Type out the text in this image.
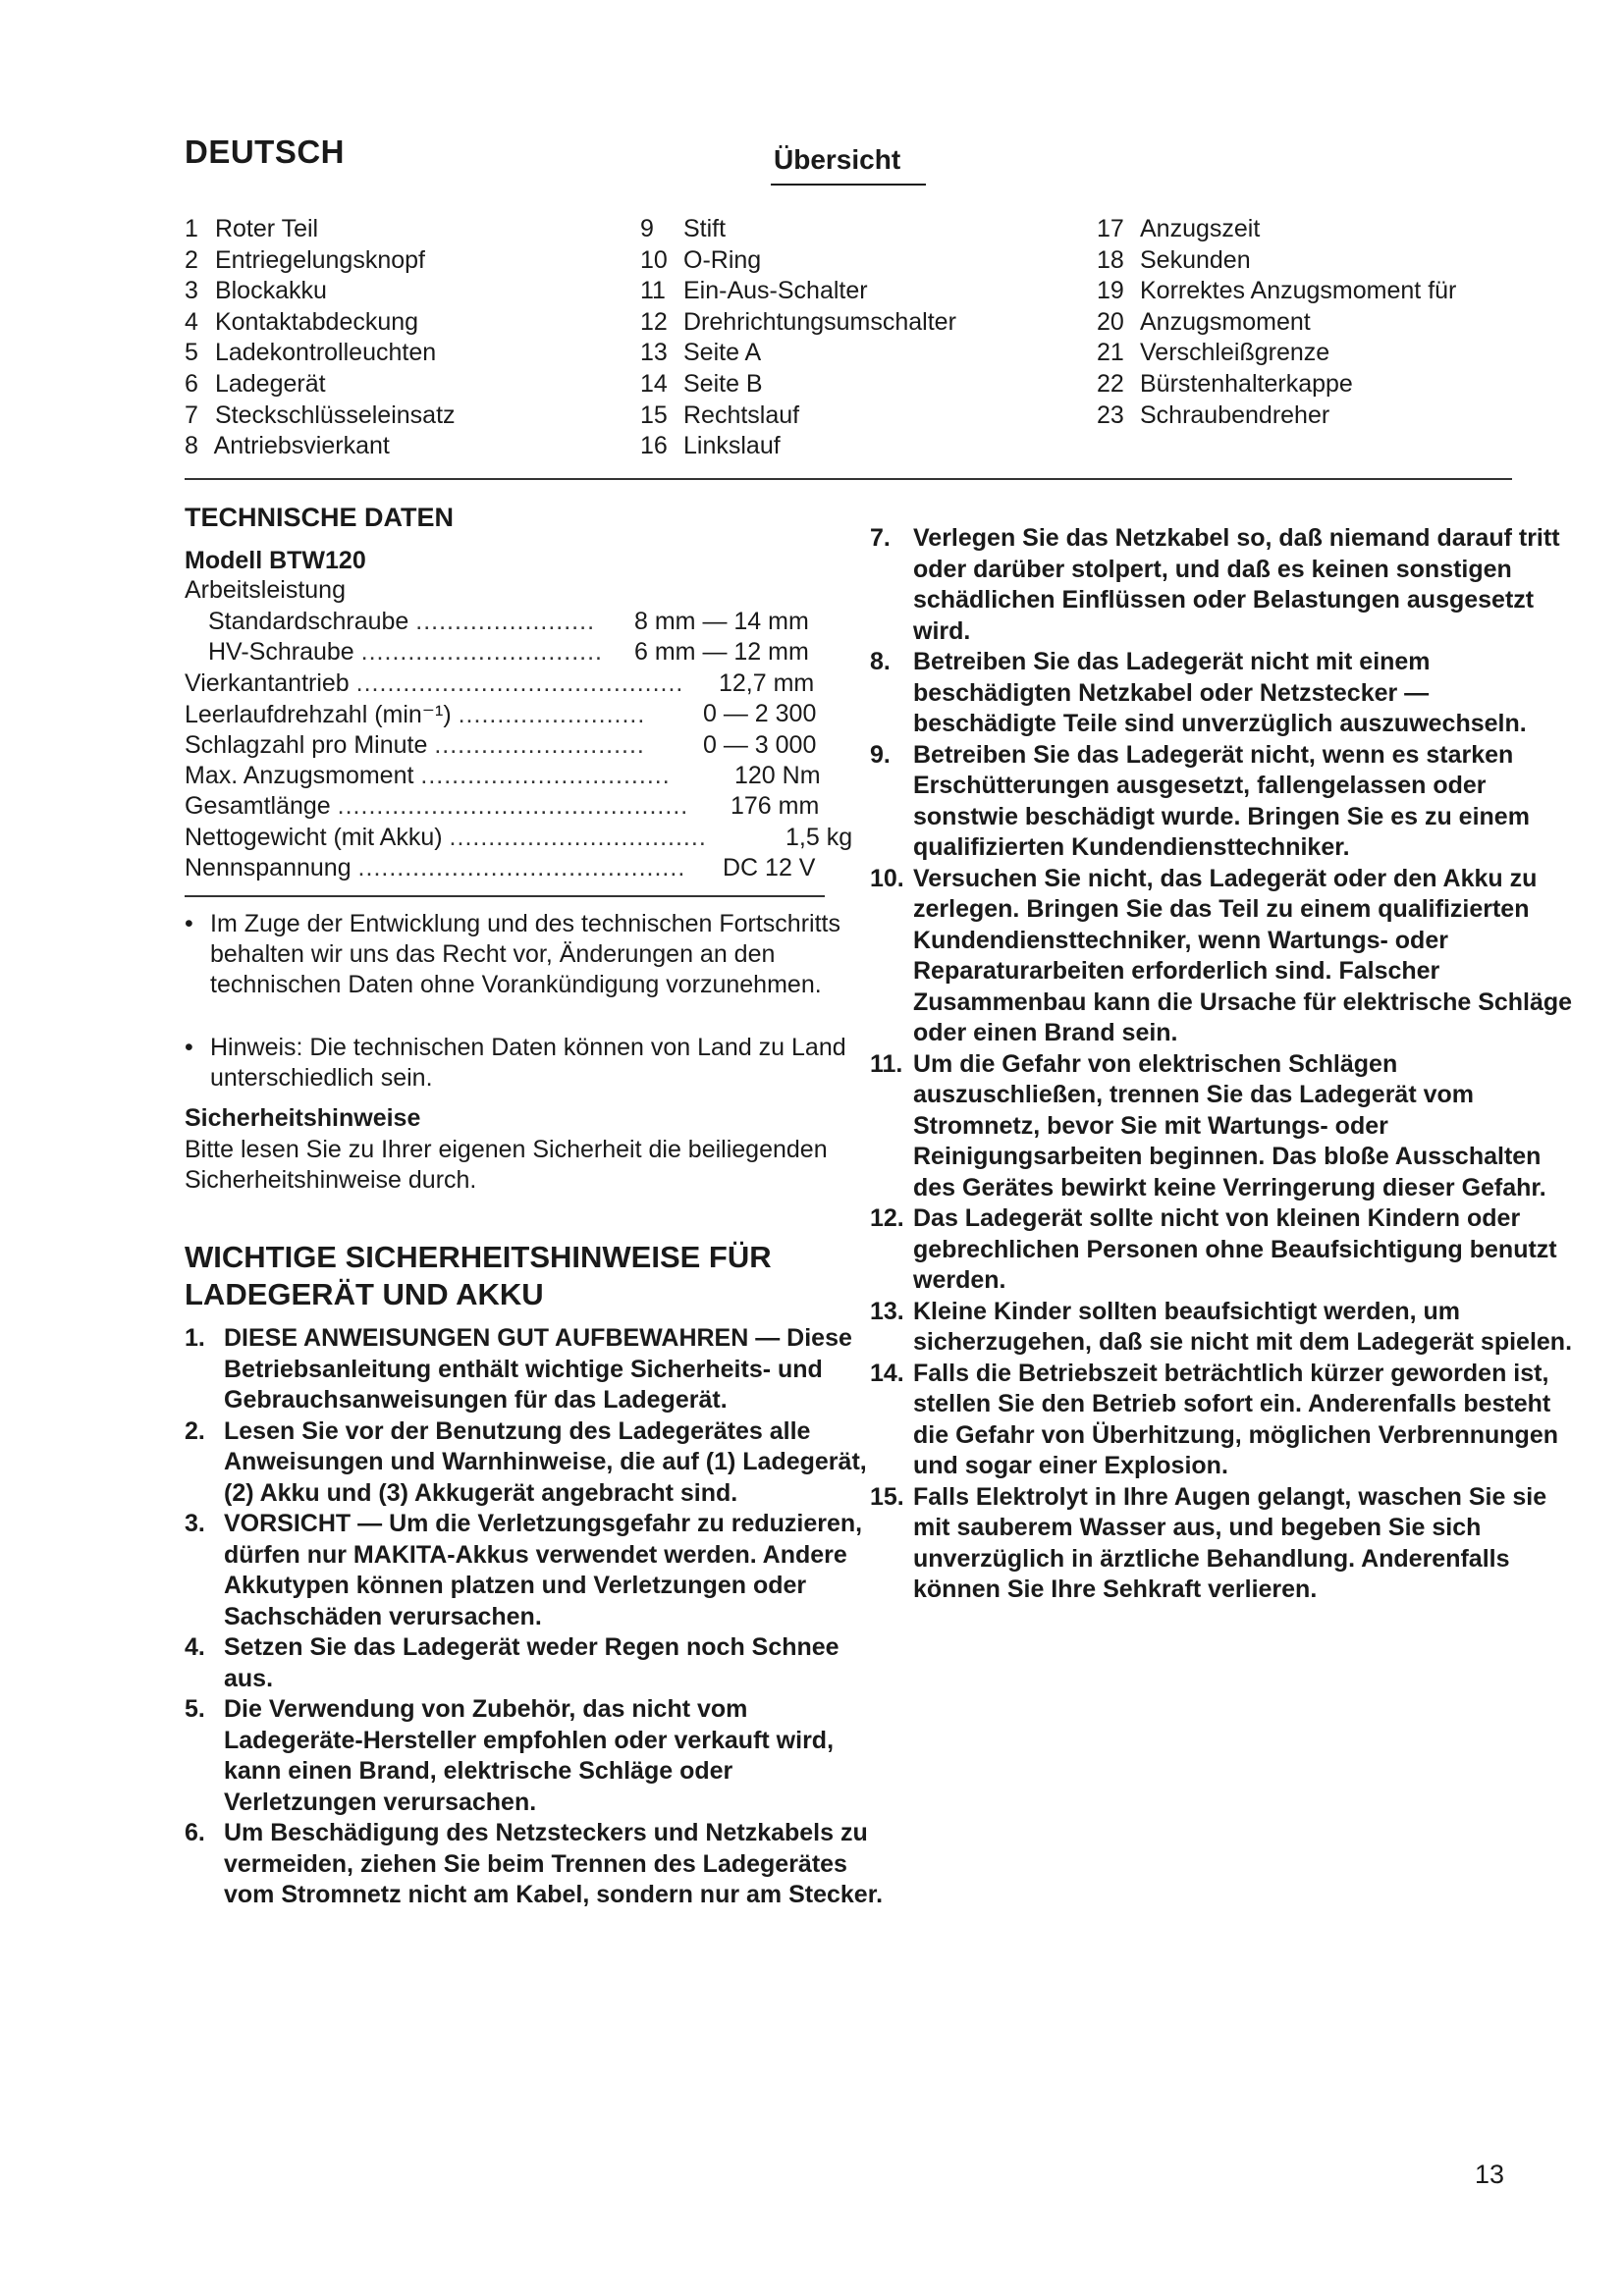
DEUTSCH	Übersicht
1 Roter Teil
2 Entriegelungsknopf
3 Blockakku
4 Kontaktabdeckung
5 Ladekontrolleuchten
6 Ladegerät
7 Steckschlüsseleinsatz
8 Antriebsvierkant
9 Stift
10 O-Ring
11 Ein-Aus-Schalter
12 Drehrichtungsumschalter
13 Seite A
14 Seite B
15 Rechtslauf
16 Linkslauf
17 Anzugszeit
18 Sekunden
19 Korrektes Anzugsmoment für
20 Anzugsmoment
21 Verschleißgrenze
22 Bürstenhalterkappe
23 Schraubendreher
TECHNISCHE DATEN
Modell BTW120
Arbeitsleistung
Standardschraube ....................... 8 mm — 14 mm
HV-Schraube ............................... 6 mm — 12 mm
Vierkantantrieb .......................................... 12,7 mm
Leerlaufdrehzahl (min⁻¹) ........................ 0 — 2 300
Schlagzahl pro Minute ........................... 0 — 3 000
Max. Anzugsmoment ................................	120 Nm
Gesamtlänge ............................................. 176 mm
Nettogewicht (mit Akku) .................................	1,5 kg
Nennspannung .......................................... DC 12 V
• Im Zuge der Entwicklung und des technischen Fortschritts behalten wir uns das Recht vor, Änderungen an den technischen Daten ohne Vorankündigung vorzunehmen.
• Hinweis: Die technischen Daten können von Land zu Land unterschiedlich sein.
Sicherheitshinweise
Bitte lesen Sie zu Ihrer eigenen Sicherheit die beiliegenden Sicherheitshinweise durch.
WICHTIGE SICHERHEITSHINWEISE FÜR LADEGERÄT UND AKKU
1. DIESE ANWEISUNGEN GUT AUFBEWAHREN — Diese Betriebsanleitung enthält wichtige Sicherheits- und Gebrauchsanweisungen für das Ladegerät.
2. Lesen Sie vor der Benutzung des Ladegerätes alle Anweisungen und Warnhinweise, die auf (1) Ladegerät, (2) Akku und (3) Akkugerät angebracht sind.
3. VORSICHT — Um die Verletzungsgefahr zu reduzieren, dürfen nur MAKITA-Akkus verwendet werden. Andere Akkutypen können platzen und Verletzungen oder Sachschäden verursachen.
4. Setzen Sie das Ladegerät weder Regen noch Schnee aus.
5. Die Verwendung von Zubehör, das nicht vom Ladegeräte-Hersteller empfohlen oder verkauft wird, kann einen Brand, elektrische Schläge oder Verletzungen verursachen.
6. Um Beschädigung des Netzsteckers und Netzkabels zu vermeiden, ziehen Sie beim Trennen des Ladegerätes vom Stromnetz nicht am Kabel, sondern nur am Stecker.
7. Verlegen Sie das Netzkabel so, daß niemand darauf tritt oder darüber stolpert, und daß es keinen sonstigen schädlichen Einflüssen oder Belastungen ausgesetzt wird.
8. Betreiben Sie das Ladegerät nicht mit einem beschädigten Netzkabel oder Netzstecker — beschädigte Teile sind unverzüglich auszuwechseln.
9. Betreiben Sie das Ladegerät nicht, wenn es starken Erschütterungen ausgesetzt, fallengelassen oder sonstwie beschädigt wurde. Bringen Sie es zu einem qualifizierten Kundendiensttechniker.
10. Versuchen Sie nicht, das Ladegerät oder den Akku zu zerlegen. Bringen Sie das Teil zu einem qualifizierten Kundendiensttechniker, wenn Wartungs- oder Reparaturarbeiten erforderlich sind. Falscher Zusammenbau kann die Ursache für elektrische Schläge oder einen Brand sein.
11. Um die Gefahr von elektrischen Schlägen auszuschließen, trennen Sie das Ladegerät vom Stromnetz, bevor Sie mit Wartungs- oder Reinigungsarbeiten beginnen. Das bloße Ausschalten des Gerätes bewirkt keine Verringerung dieser Gefahr.
12. Das Ladegerät sollte nicht von kleinen Kindern oder gebrechlichen Personen ohne Beaufsichtigung benutzt werden.
13. Kleine Kinder sollten beaufsichtigt werden, um sicherzugehen, daß sie nicht mit dem Ladegerät spielen.
14. Falls die Betriebszeit beträchtlich kürzer geworden ist, stellen Sie den Betrieb sofort ein. Anderenfalls besteht die Gefahr von Überhitzung, möglichen Verbrennungen und sogar einer Explosion.
15. Falls Elektrolyt in Ihre Augen gelangt, waschen Sie sie mit sauberem Wasser aus, und begeben Sie sich unverzüglich in ärztliche Behandlung. Anderenfalls können Sie Ihre Sehkraft verlieren.
13
